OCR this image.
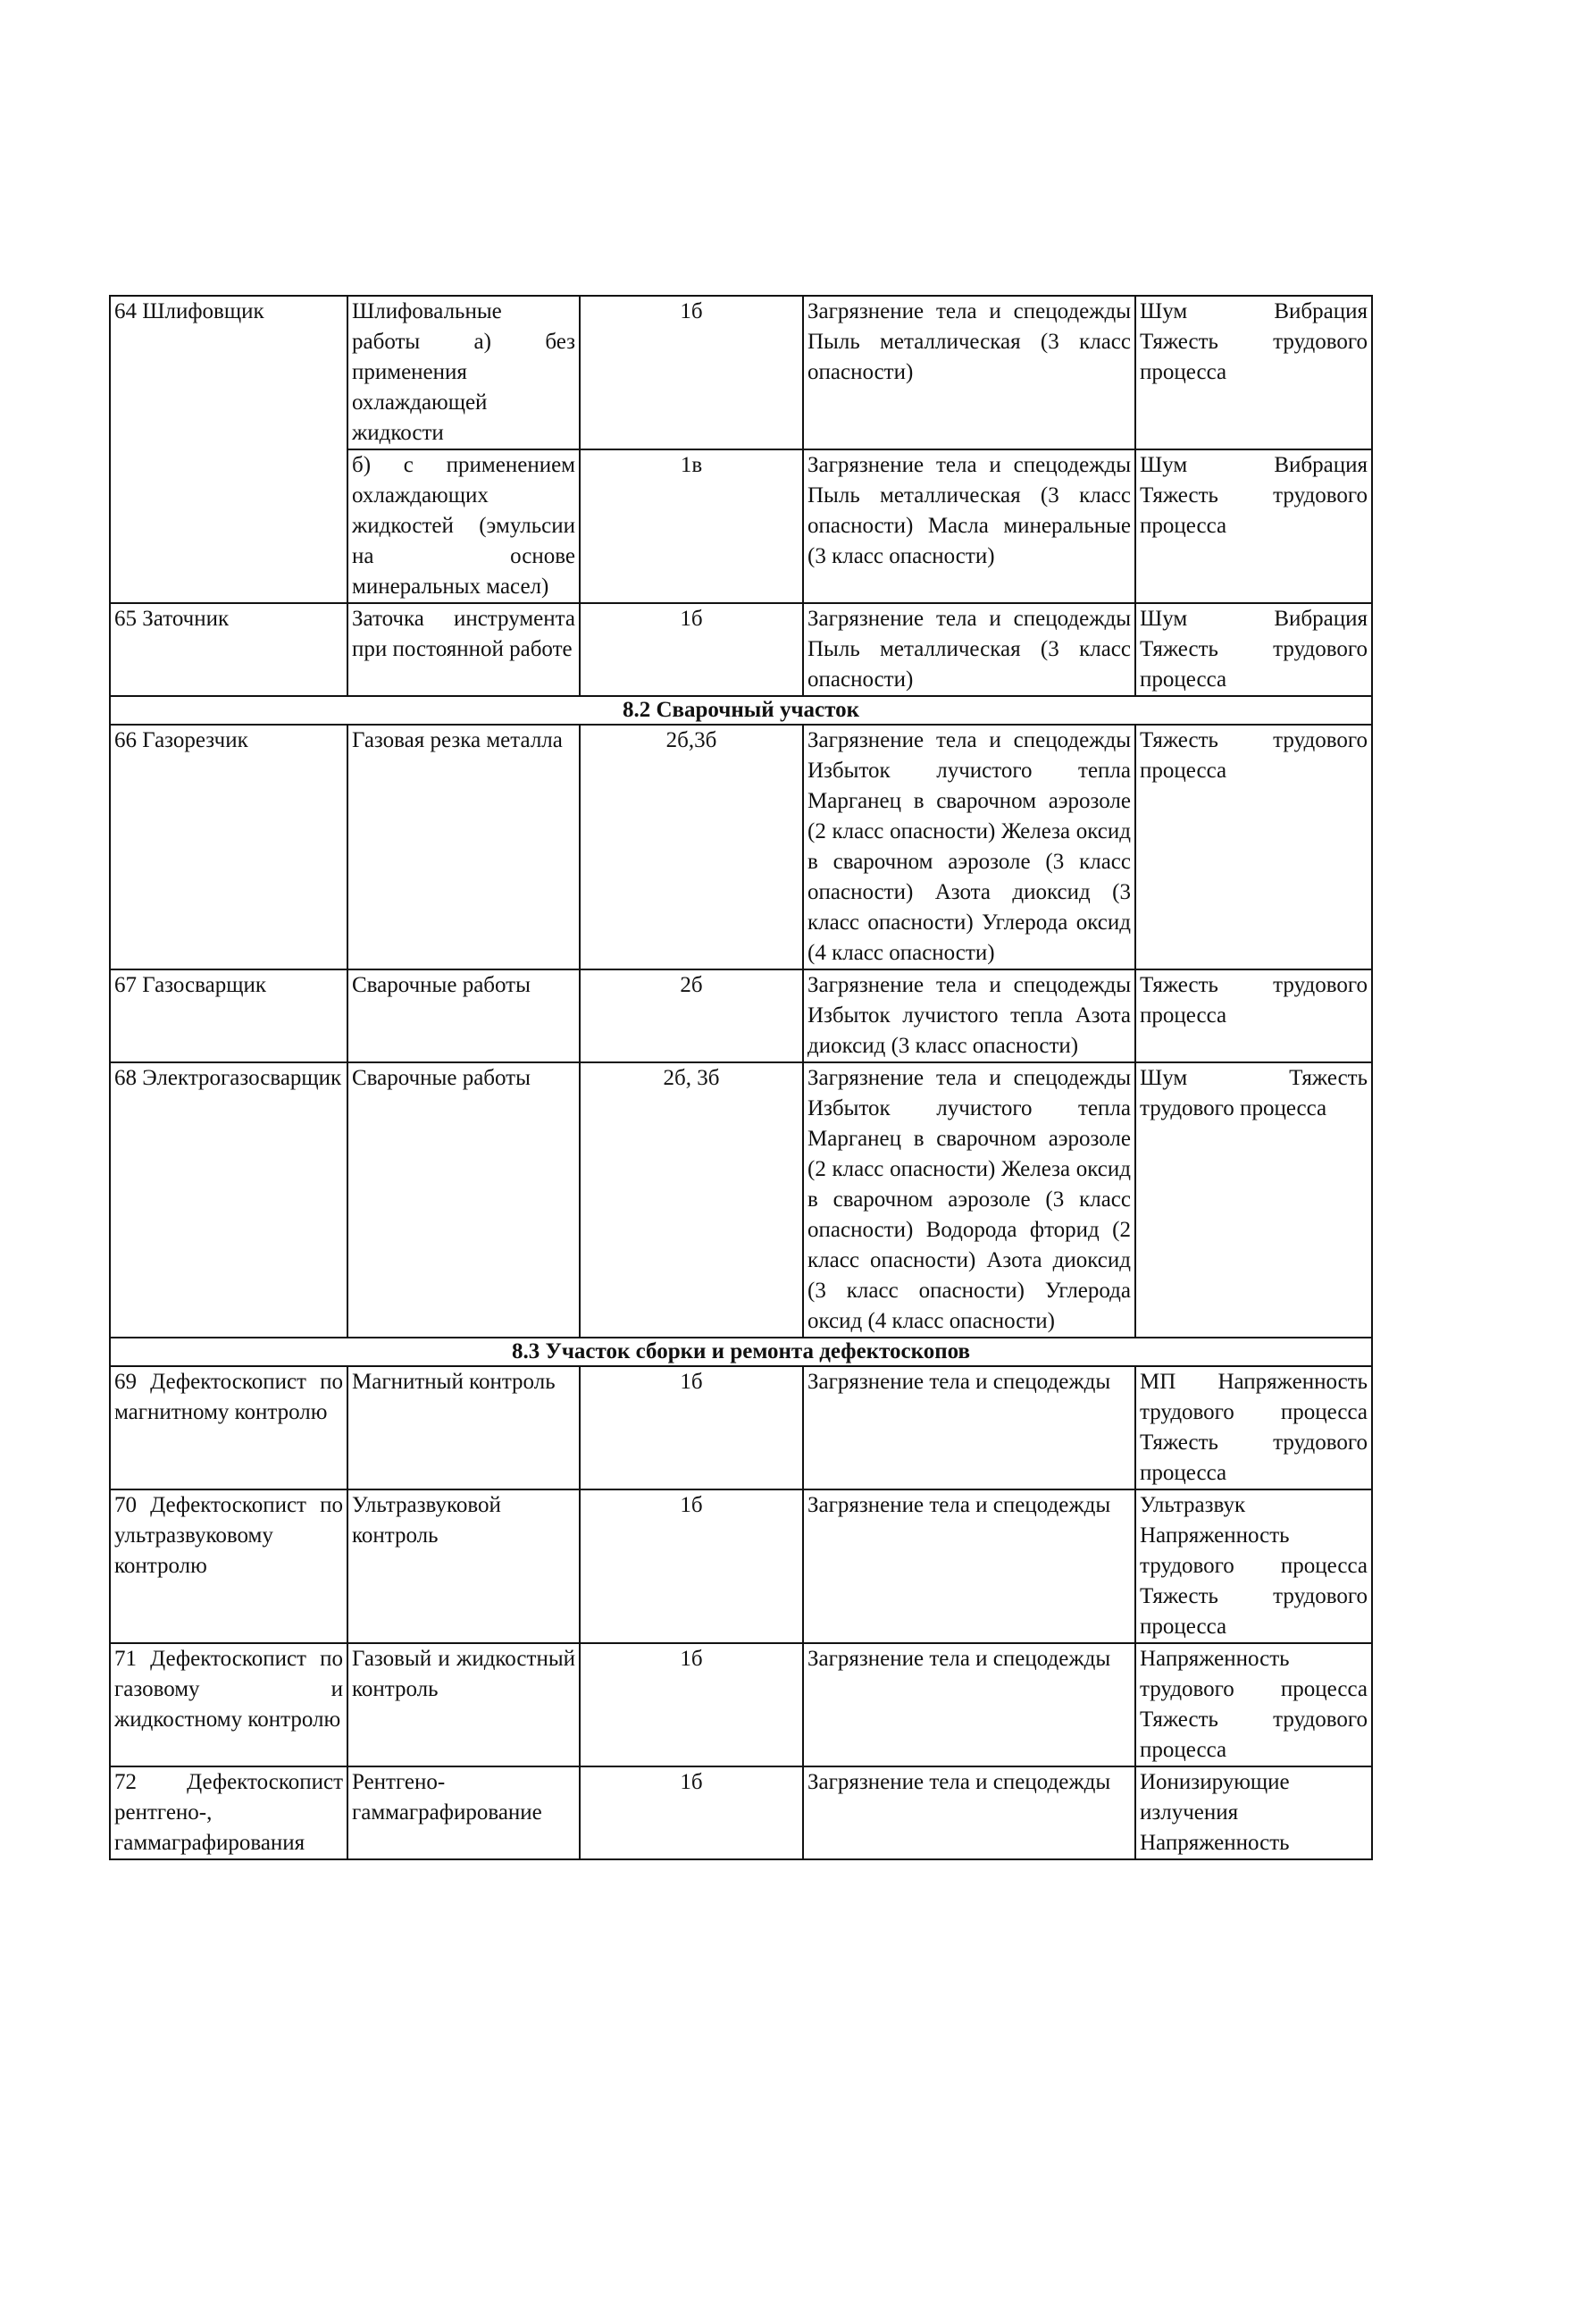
64 Шлифовщик	Шлифовальные работы а) без применения охлаждающей жидкости	1б	Загрязнение тела и спецодежды Пыль металлическая (3 класс опасности)	Шум Вибрация Тяжесть трудового процесса
	б) с применением охлаждающих жидкостей (эмульсии на основе минеральных масел)	1в	Загрязнение тела и спецодежды Пыль металлическая (3 класс опасности) Масла минеральные (3 класс опасности)	Шум Вибрация Тяжесть трудового процесса
65 Заточник	Заточка инструмента при постоянной работе	1б	Загрязнение тела и спецодежды Пыль металлическая (3 класс опасности)	Шум Вибрация Тяжесть трудового процесса
8.2 Сварочный участок				
66 Газорезчик	Газовая резка металла	2б,3б	Загрязнение тела и спецодежды Избыток лучистого тепла Марганец в сварочном аэрозоле (2 класс опасности) Железа оксид в сварочном аэрозоле (3 класс опасности) Азота диоксид (3 класс опасности) Углерода оксид (4 класс опасности)	Тяжесть трудового процесса
67 Газосварщик	Сварочные работы	2б	Загрязнение тела и спецодежды Избыток лучистого тепла Азота диоксид (3 класс опасности)	Тяжесть трудового процесса
68 Электрогазосварщик	Сварочные работы	2б, 3б	Загрязнение тела и спецодежды Избыток лучистого тепла Марганец в сварочном аэрозоле (2 класс опасности) Железа оксид в сварочном аэрозоле (3 класс опасности) Водорода фторид (2 класс опасности) Азота диоксид (3 класс опасности) Углерода оксид (4 класс опасности)	Шум Тяжесть трудового процесса
8.3 Участок сборки и ремонта дефектоскопов				
69 Дефектоскопист по магнитному контролю	Магнитный контроль	1б	Загрязнение тела и спецодежды	МП Напряженность трудового процесса Тяжесть трудового процесса
70 Дефектоскопист по ультразвуковому контролю	Ультразвуковой контроль	1б	Загрязнение тела и спецодежды	Ультразвук Напряженность трудового процесса Тяжесть трудового процесса
71 Дефектоскопист по газовому и жидкостному контролю	Газовый и жидкостный контроль	1б	Загрязнение тела и спецодежды	Напряженность трудового процесса Тяжесть трудового процесса
72 Дефектоскопист рентгено-, гаммаграфирования	Рентгено-гаммаграфирование	1б	Загрязнение тела и спецодежды	Ионизирующие излучения Напряженность
